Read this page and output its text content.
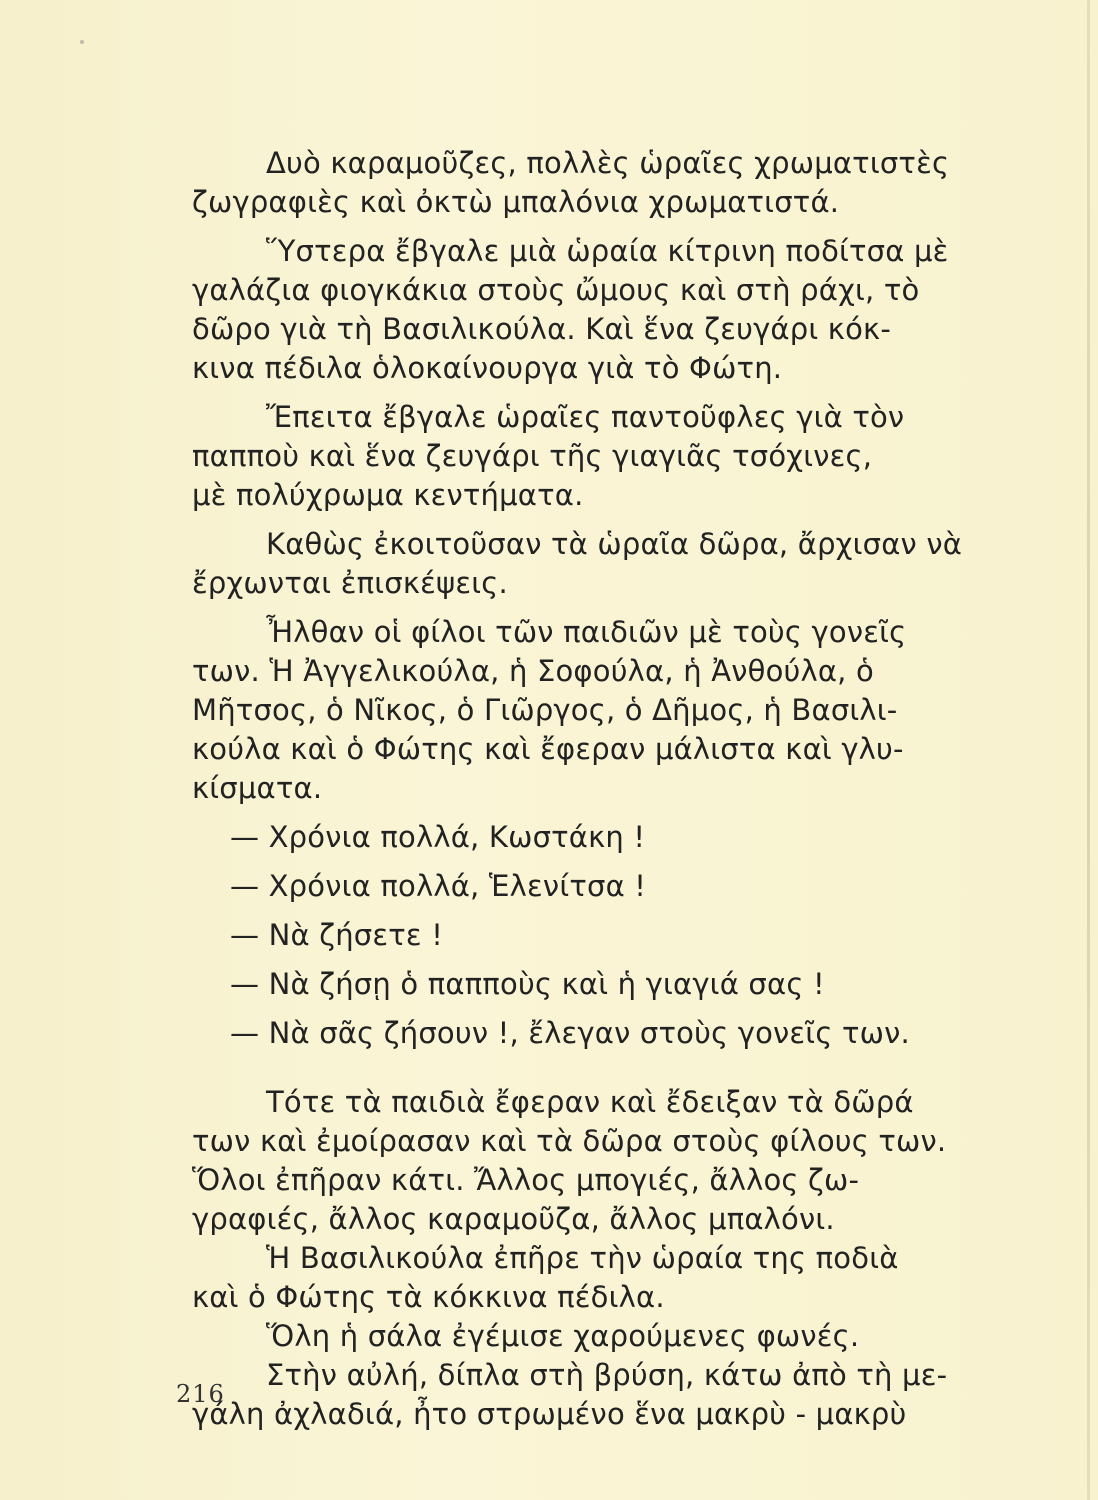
Δυὸ καραμοῦζες, πολλὲς ὡραῖες χρωματιστὲς
ζωγραφιὲς καὶ ὀκτὼ μπαλόνια χρωματιστά.
Ὕστερα ἔβγαλε μιὰ ὡραία κίτρινη ποδίτσα μὲ
γαλάζια φιογκάκια στοὺς ὤμους καὶ στὴ ράχι, τὸ
δῶρο γιὰ τὴ Βασιλικούλα. Καὶ ἕνα ζευγάρι κόκ-
κινα πέδιλα ὁλοκαίνουργα γιὰ τὸ Φώτη.
Ἔπειτα ἔβγαλε ὡραῖες παντοῦφλες γιὰ τὸν
παπποὺ καὶ ἕνα ζευγάρι τῆς γιαγιᾶς τσόχινες,
μὲ πολύχρωμα κεντήματα.
Καθὼς ἐκοιτοῦσαν τὰ ὡραῖα δῶρα, ἄρχισαν νὰ
ἔρχωνται ἐπισκέψεις.
Ἦλθαν οἱ φίλοι τῶν παιδιῶν μὲ τοὺς γονεῖς
των. Ἡ Ἀγγελικούλα, ἡ Σοφούλα, ἡ Ἀνθούλα, ὁ
Μῆτσος, ὁ Νῖκος, ὁ Γιῶργος, ὁ Δῆμος, ἡ Βασιλι-
κούλα καὶ ὁ Φώτης καὶ ἔφεραν μάλιστα καὶ γλυ-
κίσματα.
— Χρόνια πολλά, Κωστάκη !
— Χρόνια πολλά, Ἑλενίτσα !
— Νὰ ζήσετε !
— Νὰ ζήσῃ ὁ παπποὺς καὶ ἡ γιαγιά σας !
— Νὰ σᾶς ζήσουν !, ἔλεγαν στοὺς γονεῖς των.
Τότε τὰ παιδιὰ ἔφεραν καὶ ἔδειξαν τὰ δῶρά
των καὶ ἐμοίρασαν καὶ τὰ δῶρα στοὺς φίλους των.
Ὅλοι ἐπῆραν κάτι. Ἄλλος μπογιές, ἄλλος ζω-
γραφιές, ἄλλος καραμοῦζα, ἄλλος μπαλόνι.
Ἡ Βασιλικούλα ἐπῆρε τὴν ὡραία της ποδιὰ
καὶ ὁ Φώτης τὰ κόκκινα πέδιλα.
Ὅλη ἡ σάλα ἐγέμισε χαρούμενες φωνές.
Στὴν αὐλή, δίπλα στὴ βρύση, κάτω ἀπὸ τὴ με-
γάλη ἀχλαδιά, ἦτο στρωμένο ἕνα μακρὺ - μακρὺ
216
